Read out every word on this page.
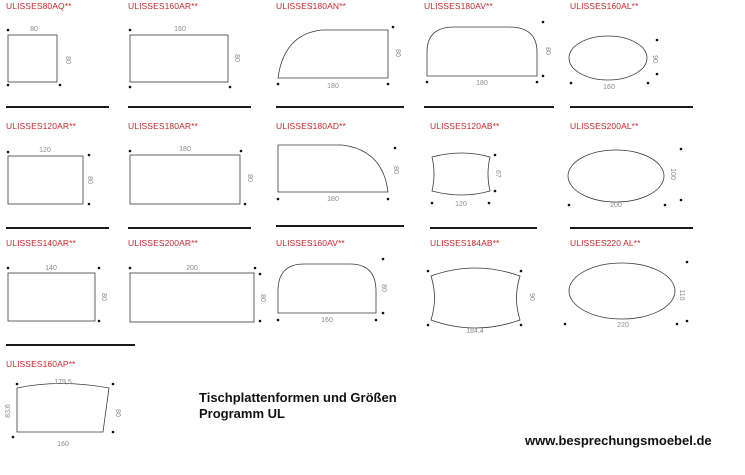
ULISSES80AQ**	ULISSES160AR**	ULISSES180AN**	ULISSES180AV**	ULISSES160AL**
ULISSES120AR**	ULISSES180AR**	ULISSES180AD**	ULISSES120AB**	ULISSES200AL**
ULISSES140AR**	ULISSES200AR**	ULISSES160AV**	ULISSES184AB**	ULISSES220 AL**
ULISSES160AP**
80
80
160
80
180
80
180
80
160
90
120
80
180
80
180
80
120
67
200
100
140
80
200
80
160
80
184,4
90
220
110
179,5
160
80
83,6
Tischplattenformen und Größen
Programm UL
www.besprechungsmoebel.de
